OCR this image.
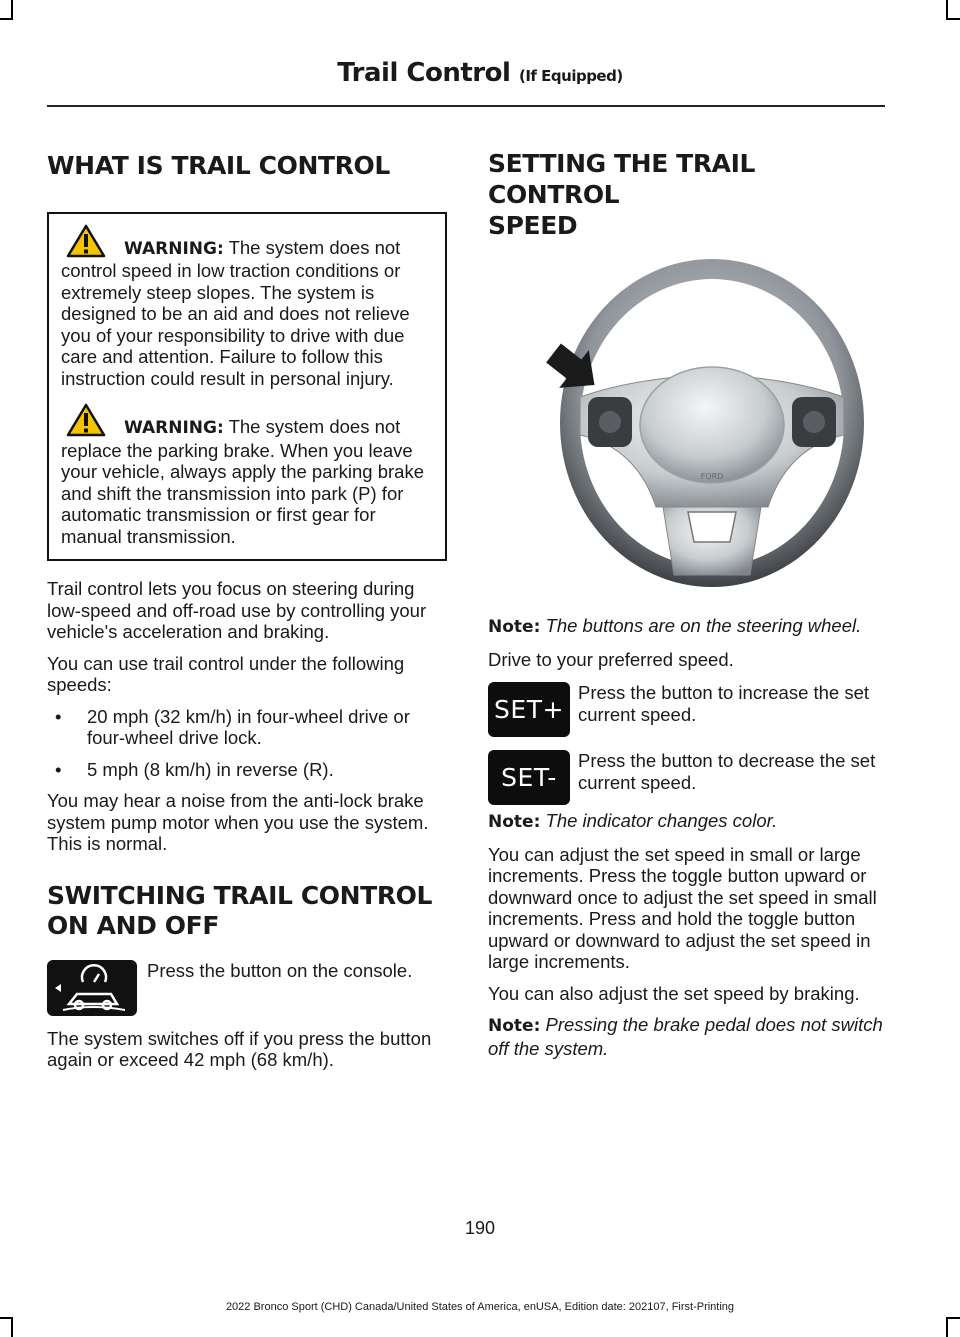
Trail Control (If Equipped)
WHAT IS TRAIL CONTROL
WARNING: The system does not control speed in low traction conditions or extremely steep slopes. The system is designed to be an aid and does not relieve you of your responsibility to drive with due care and attention. Failure to follow this instruction could result in personal injury.
WARNING: The system does not replace the parking brake. When you leave your vehicle, always apply the parking brake and shift the transmission into park (P) for automatic transmission or first gear for manual transmission.

Trail control lets you focus on steering during low-speed and off-road use by controlling your vehicle's acceleration and braking.

You can use trail control under the following speeds:

• 20 mph (32 km/h) in four-wheel drive or four-wheel drive lock.
• 5 mph (8 km/h) in reverse (R).

You may hear a noise from the anti-lock brake system pump motor when you use the system. This is normal.

SWITCHING TRAIL CONTROL
ON AND OFF

Press the button on the console.

The system switches off if you press the button again or exceed 42 mph (68 km/h).

SETTING THE TRAIL CONTROL
SPEED
FORD

Note: The buttons are on the steering wheel.

Drive to your preferred speed.

SET+

Press the button to increase the set current speed.

SET-

Press the button to decrease the set current speed.

Note: The indicator changes color.

You can adjust the set speed in small or large increments. Press the toggle button upward or downward once to adjust the set speed in small increments. Press and hold the toggle button upward or downward to adjust the set speed in large increments.

You can also adjust the set speed by braking.

Note: Pressing the brake pedal does not switch off the system.

190
2022 Bronco Sport (CHD) Canada/United States of America, enUSA, Edition date: 202107, First-Printing
